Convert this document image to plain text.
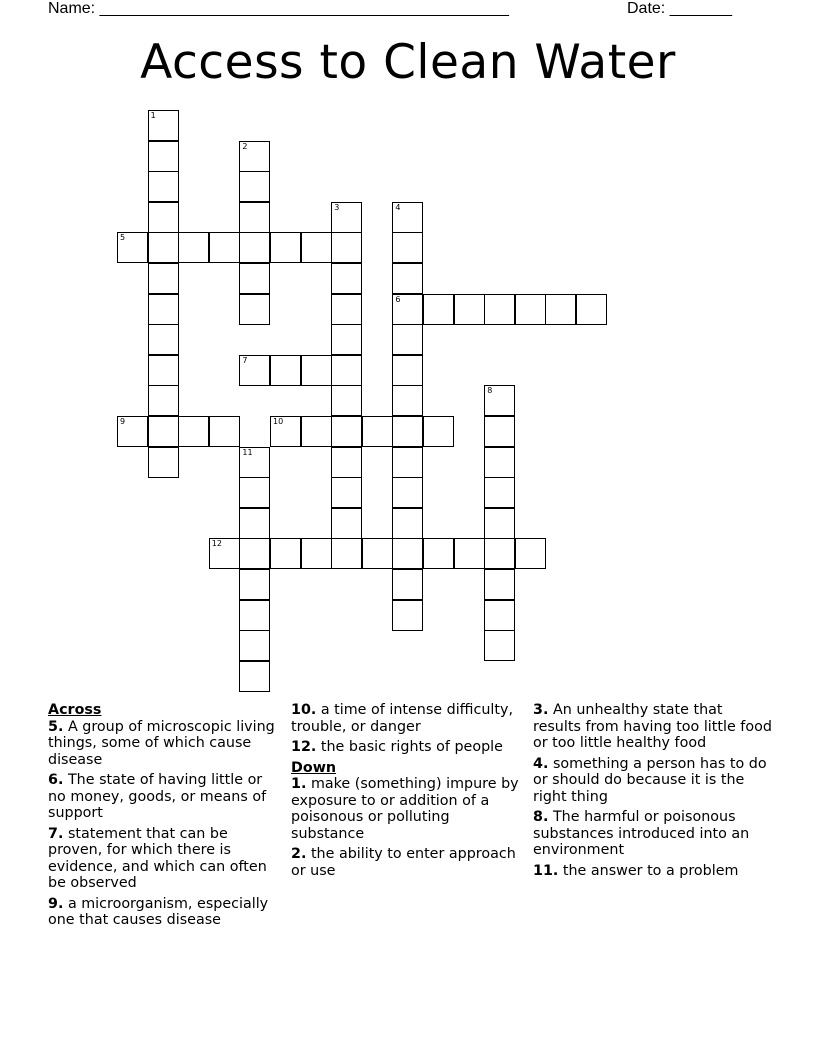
Name: ______________________________________________	Date: _______
Access to Clean Water
1
2
3	4
5
6
7
8
9	10
11
12
Across
5. A group of microscopic living things, some of which cause disease
6. The state of having little or no money, goods, or means of support
7. statement that can be proven, for which there is evidence, and which can often be observed
9. a microorganism, especially one that causes disease
10. a time of intense difficulty, trouble, or danger
12. the basic rights of people
Down
1. make (something) impure by exposure to or addition of a poisonous or polluting substance
2. the ability to enter approach or use
3. An unhealthy state that results from having too little food or too little healthy food
4. something a person has to do or should do because it is the right thing
8. The harmful or poisonous substances introduced into an environment
11. the answer to a problem
